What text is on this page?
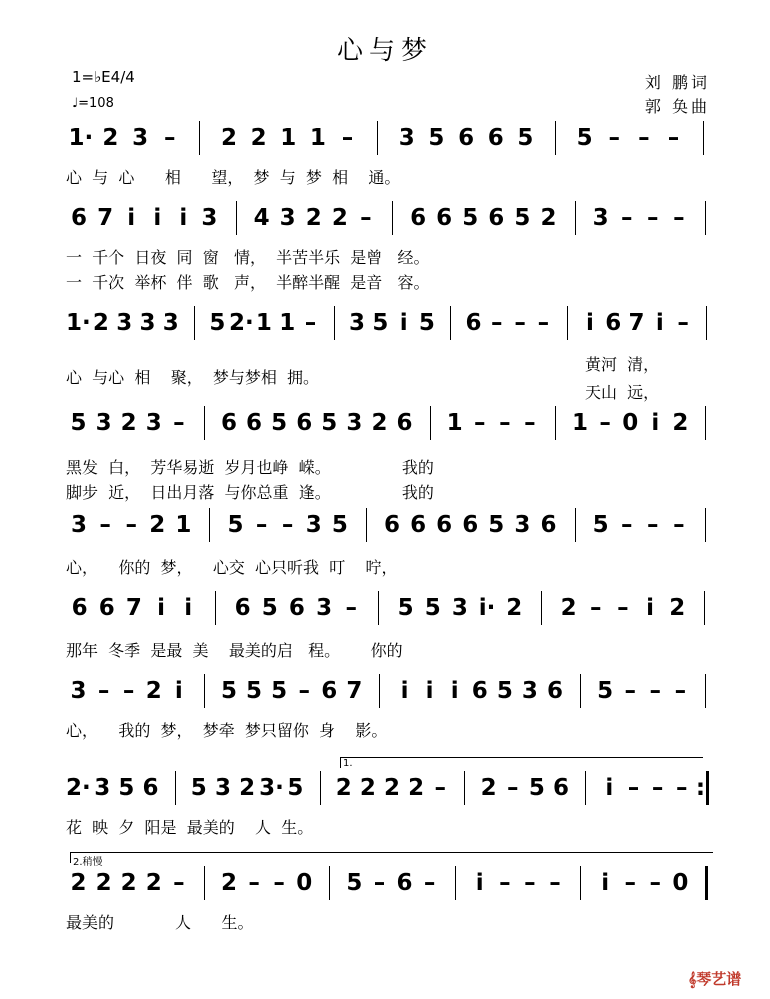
心与梦
1=♭E4/4
♩=108
刘 鹏词
郭 奂曲
1· 2 3 –	2 2 1 1 –	3 5 6 6 5 5 – – –
心  与  心      相      望，  梦  与  梦  相    通。
6 7 i i i 3 4 3 2 2 –	6 6 5 6 5 2 3 – – –
一  千个  日夜  同  窗   情，  半苦半乐  是曾   经。
一  千次  举杯  伴  歌   声，  半醉半醒  是音   容。
1· 2 3 3 3 5 2· 1 1 – 3 5 i 5 6 – – –	i 6 7 i –
心  与心  相    聚，  梦与梦相  拥。
黄河  清，
天山  远，
5 3 2 3 – 6 6 5 6 5 3 2 6 1 – – – 1 – 0 i 2
黑发  白，  芳华易逝  岁月也峥  嵘。              我的
脚步  近，  日出月落  与你总重  逢。              我的
3 – – 2 1 5 – – 3 5 6 6 6 6 5 3 6 5 – – –
心，    你的  梦，    心交  心只听我  叮    咛，
6 6 7 i i	6 5 6 3 –	5 5 3 i· 2 2 – – i 2
那年  冬季  是最  美    最美的启   程。      你的
3 – – 2 i	5 5 5 – 6 7	i i i 6 5 3 6 5 – – –
心，    我的  梦，  梦牵  梦只留你  身    影。
2· 3 5 6 5 3 2 3· 5 2 2 2 2 – 2 – 5 6	i – – – :
花  映  夕  阳是  最美的    人  生。
2 2 2 2 – 2 – – 0 5 – 6 –	i – – –	i – – 0
最美的            人      生。
1.
2.稍慢
𝄞琴艺谱
